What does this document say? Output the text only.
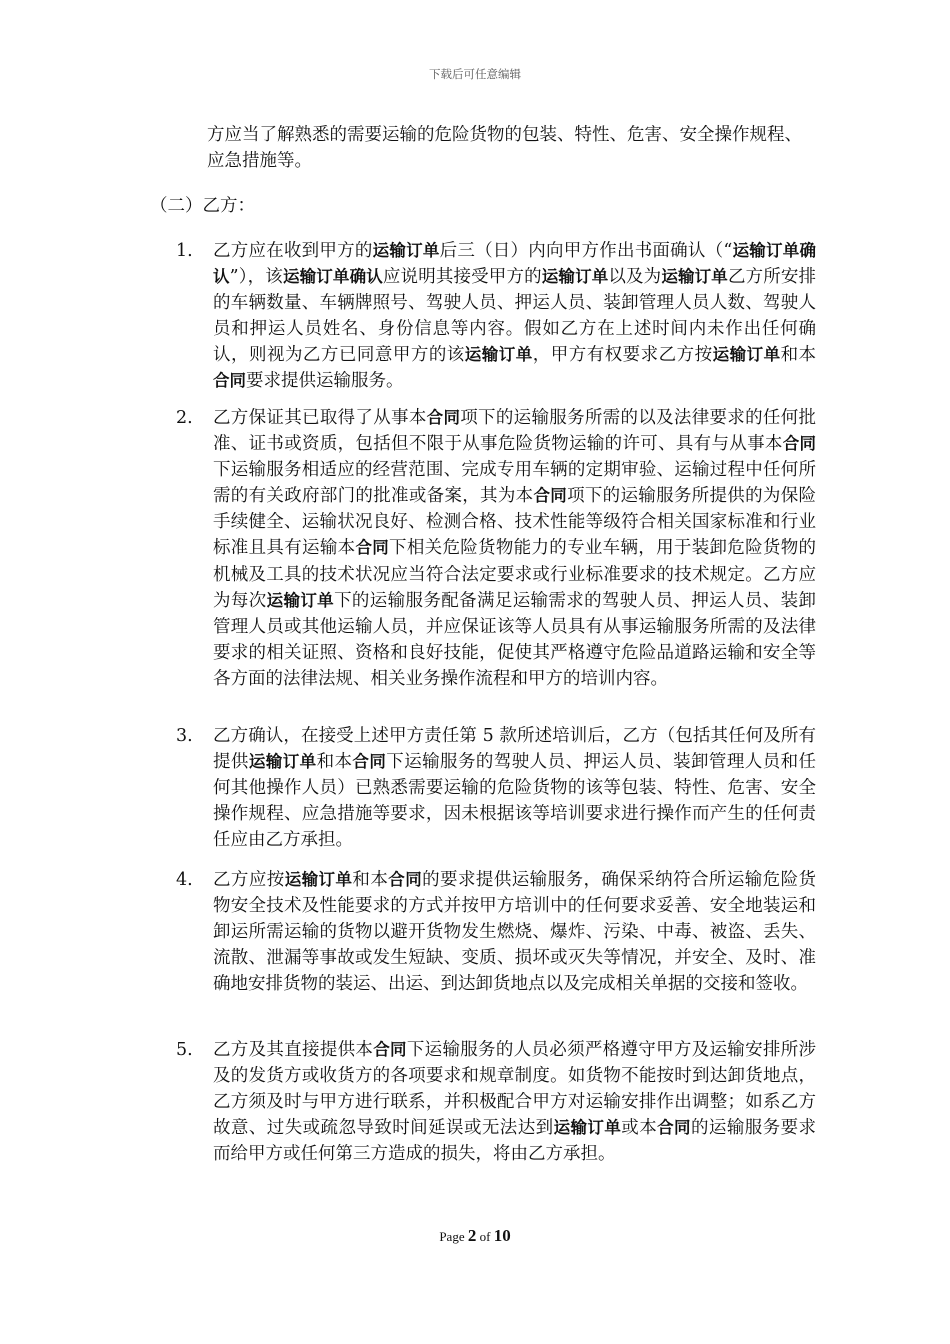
下载后可任意编辑

方应当了解熟悉的需要运输的危险货物的包装、特性、危害、安全操作规程、应急措施等。

（二）乙方：

1.	乙方应在收到甲方的运输订单后三（日）内向甲方作出书面确认（“运输订单确认”），该运输订单确认应说明其接受甲方的运输订单以及为运输订单乙方所安排的车辆数量、车辆牌照号、驾驶人员、押运人员、装卸管理人员人数、驾驶人员和押运人员姓名、身份信息等内容。假如乙方在上述时间内未作出任何确认，则视为乙方已同意甲方的该运输订单，甲方有权要求乙方按运输订单和本合同要求提供运输服务。
2.	乙方保证其已取得了从事本合同项下的运输服务所需的以及法律要求的任何批准、证书或资质，包括但不限于从事危险货物运输的许可、具有与从事本合同下运输服务相适应的经营范围、完成专用车辆的定期审验、运输过程中任何所需的有关政府部门的批准或备案，其为本合同项下的运输服务所提供的为保险手续健全、运输状况良好、检测合格、技术性能等级符合相关国家标准和行业标准且具有运输本合同下相关危险货物能力的专业车辆，用于装卸危险货物的机械及工具的技术状况应当符合法定要求或行业标准要求的技术规定。乙方应为每次运输订单下的运输服务配备满足运输需求的驾驶人员、押运人员、装卸管理人员或其他运输人员，并应保证该等人员具有从事运输服务所需的及法律要求的相关证照、资格和良好技能，促使其严格遵守危险品道路运输和安全等各方面的法律法规、相关业务操作流程和甲方的培训内容。
3.	乙方确认，在接受上述甲方责任第 5 款所述培训后，乙方（包括其任何及所有提供运输订单和本合同下运输服务的驾驶人员、押运人员、装卸管理人员和任何其他操作人员）已熟悉需要运输的危险货物的该等包装、特性、危害、安全操作规程、应急措施等要求，因未根据该等培训要求进行操作而产生的任何责任应由乙方承担。
4.	乙方应按运输订单和本合同的要求提供运输服务，确保采纳符合所运输危险货物安全技术及性能要求的方式并按甲方培训中的任何要求妥善、安全地装运和卸运所需运输的货物以避开货物发生燃烧、爆炸、污染、中毒、被盗、丢失、流散、泄漏等事故或发生短缺、变质、损坏或灭失等情况，并安全、及时、准确地安排货物的装运、出运、到达卸货地点以及完成相关单据的交接和签收。
5.	乙方及其直接提供本合同下运输服务的人员必须严格遵守甲方及运输安排所涉及的发货方或收货方的各项要求和规章制度。如货物不能按时到达卸货地点，乙方须及时与甲方进行联系，并积极配合甲方对运输安排作出调整；如系乙方故意、过失或疏忽导致时间延误或无法达到运输订单或本合同的运输服务要求而给甲方或任何第三方造成的损失，将由乙方承担。
Page 2 of 10
